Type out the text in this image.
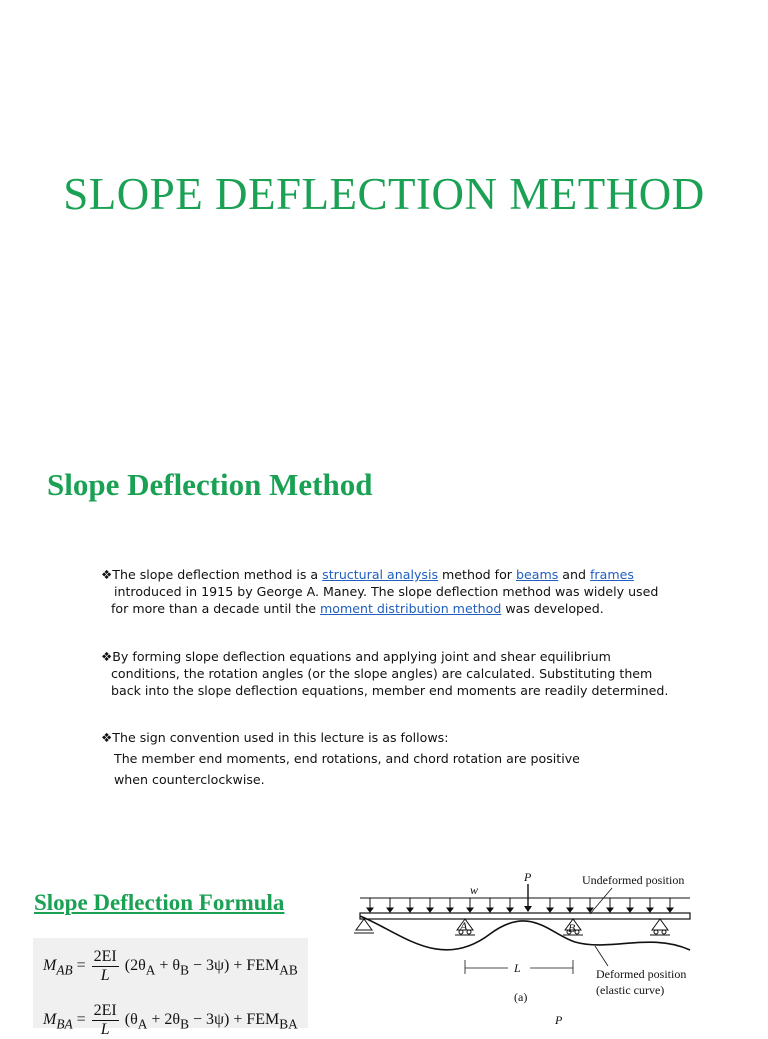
SLOPE DEFLECTION METHOD
Slope Deflection Method
❖The slope deflection method is a structural analysis method for beams and frames
introduced in 1915 by George A. Maney. The slope deflection method was widely used
for more than a decade until the moment distribution method was developed.
❖By forming slope deflection equations and applying joint and shear equilibrium
conditions, the rotation angles (or the slope angles) are calculated. Substituting them
back into the slope deflection equations, member end moments are readily determined.
❖The sign convention used in this lecture is as follows:
The member end moments, end rotations, and chord rotation are positive
when counterclockwise.
Slope Deflection Formula
$M_{AB} = \frac{2EI}{L} (2\theta_A + \theta_B - 3\psi) + FEM_{AB}$
$M_{BA} = \frac{2EI}{L} (\theta_A + 2\theta_B - 3\psi) + FEM_{BA}$
P
w
Undeformed position
A	B
L	Deformed position
(elastic curve)
(a)
P
